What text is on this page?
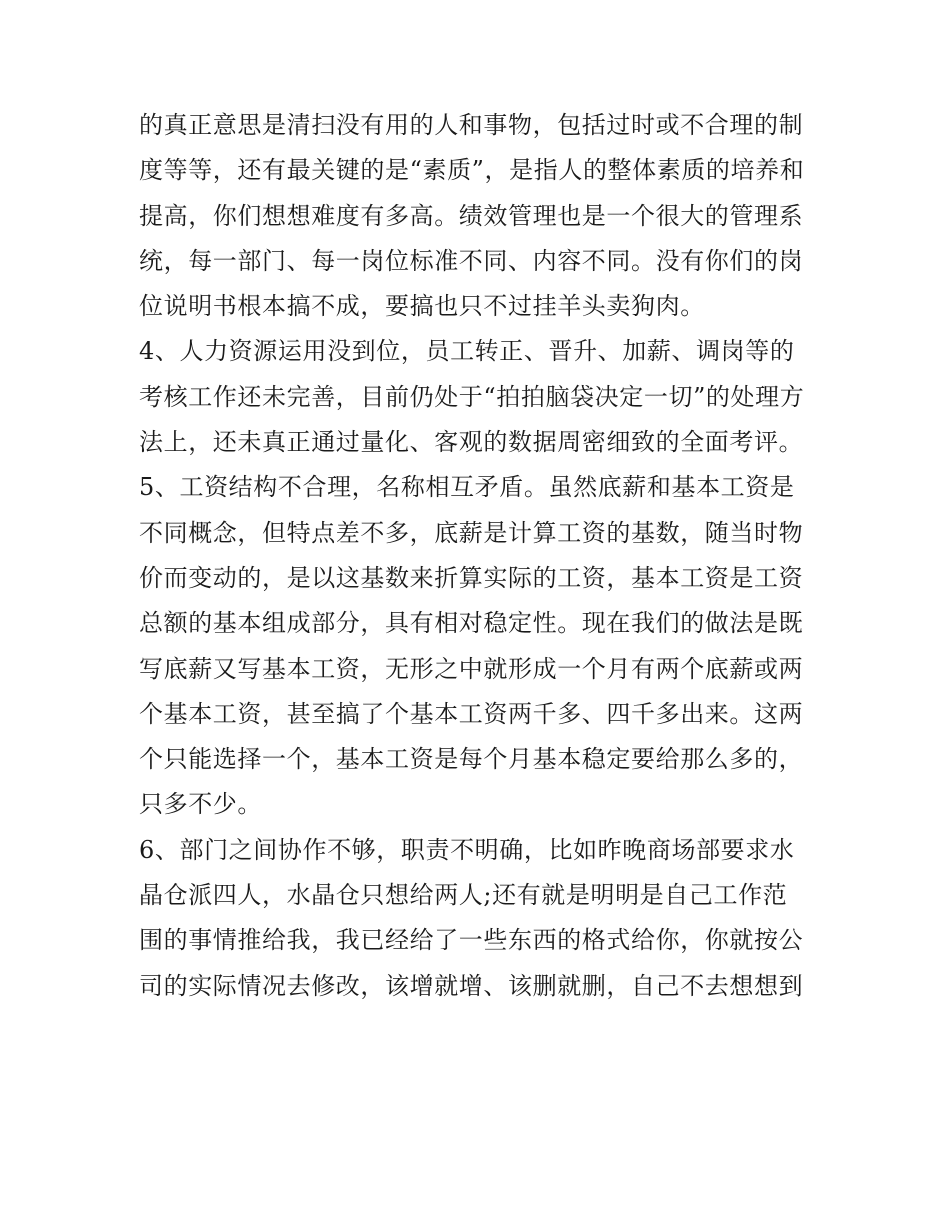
的真正意思是清扫没有用的人和事物，包括过时或不合理的制
度等等，还有最关键的是“素质”，是指人的整体素质的培养和
提高，你们想想难度有多高。绩效管理也是一个很大的管理系
统，每一部门、每一岗位标准不同、内容不同。没有你们的岗
位说明书根本搞不成，要搞也只不过挂羊头卖狗肉。
4、人力资源运用没到位，员工转正、晋升、加薪、调岗等的
考核工作还未完善，目前仍处于“拍拍脑袋决定一切”的处理方
法上，还未真正通过量化、客观的数据周密细致的全面考评。
5、工资结构不合理，名称相互矛盾。虽然底薪和基本工资是
不同概念，但特点差不多，底薪是计算工资的基数，随当时物
价而变动的，是以这基数来折算实际的工资，基本工资是工资
总额的基本组成部分，具有相对稳定性。现在我们的做法是既
写底薪又写基本工资，无形之中就形成一个月有两个底薪或两
个基本工资，甚至搞了个基本工资两千多、四千多出来。这两
个只能选择一个，基本工资是每个月基本稳定要给那么多的，
只多不少。
6、部门之间协作不够，职责不明确，比如昨晚商场部要求水
晶仓派四人，水晶仓只想给两人;还有就是明明是自己工作范
围的事情推给我，我已经给了一些东西的格式给你，你就按公
司的实际情况去修改，该增就增、该删就删，自己不去想想到
